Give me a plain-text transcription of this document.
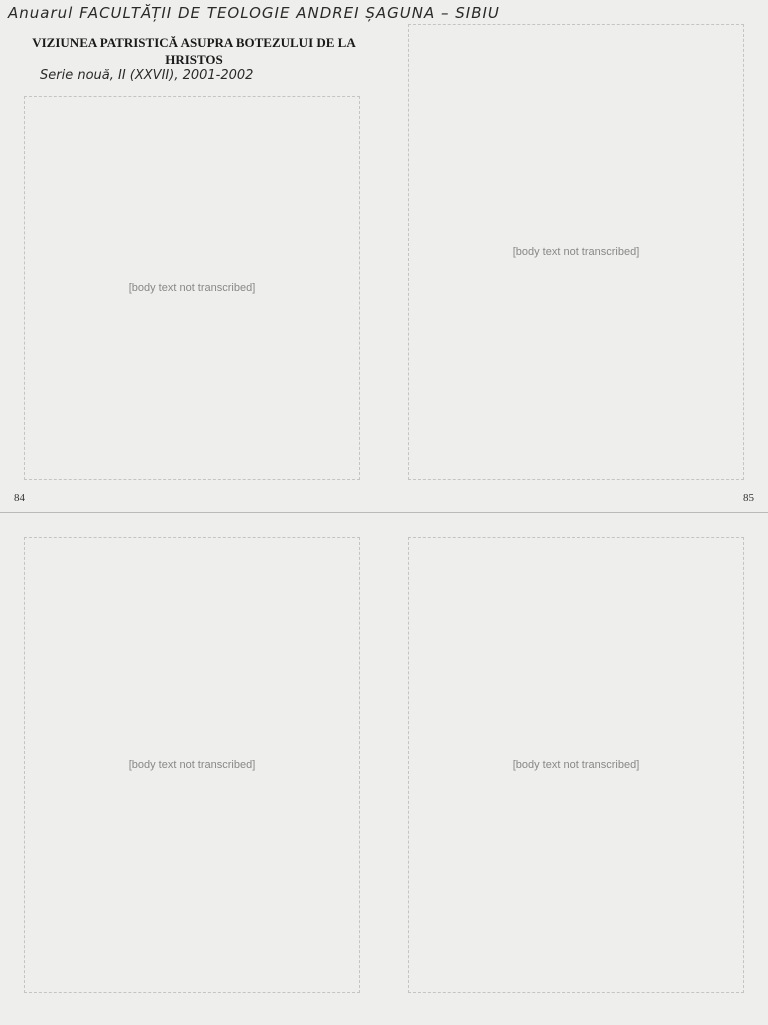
Anuarul FACULTĂȚII DE TEOLOGIE ANDREI ȘAGUNA – SIBIU
VIZIUNEA PATRISTICĂ ASUPRA BOTEZULUI DE LA HRISTOS
Serie nouă, II (XXVII), 2001-2002
[body text not transcribed]
84
[body text not transcribed]
85
[body text not transcribed]	[body text not transcribed]
